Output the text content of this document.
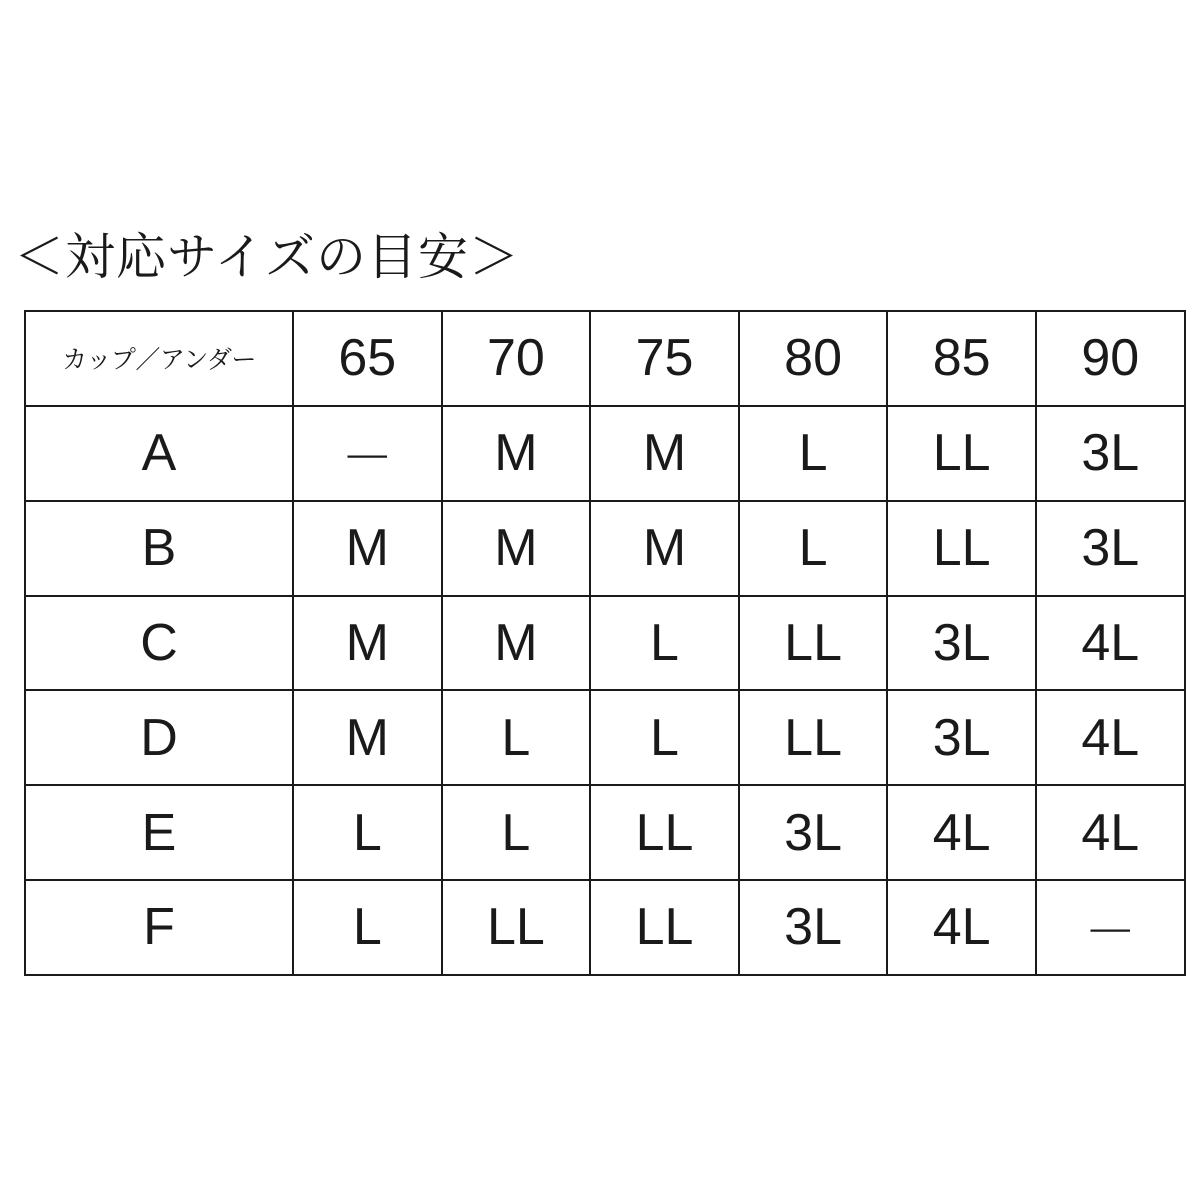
＜対応サイズの目安＞
カップ／アンダー	65	70	75	80	85	90
A	－	M	M	L	LL	3L
B	M	M	M	L	LL	3L
C	M	M	L	LL	3L	4L
D	M	L	L	LL	3L	4L
E	L	L	LL	3L	4L	4L
F	L	LL	LL	3L	4L	－
